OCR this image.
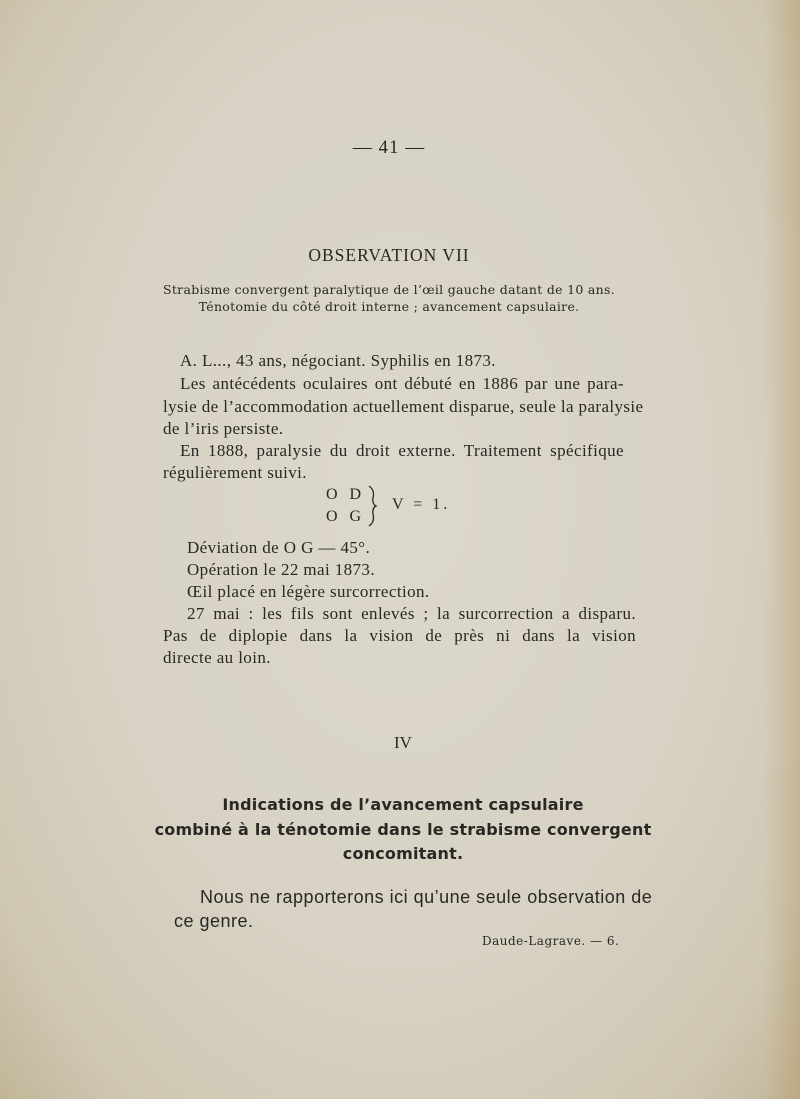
— 41 —
OBSERVATION VII
Strabisme convergent paralytique de l’œil gauche datant de 10 ans.
Ténotomie du côté droit interne ; avancement capsulaire.
A. L..., 43 ans, négociant. Syphilis en 1873.
Les antécédents oculaires ont débuté en 1886 par une para-
lysie de l’accommodation actuellement disparue, seule la paralysie
de l’iris persiste.
En 1888, paralysie du droit externe. Traitement spécifique
régulièrement suivi.
O D
O G
V = 1.
Déviation de O G — 45°.
Opération le 22 mai 1873.
Œil placé en légère surcorrection.
27 mai : les fils sont enlevés ; la surcorrection a disparu.
Pas de diplopie dans la vision de près ni dans la vision
directe au loin.
IV
Indications de l’avancement capsulaire
combiné à la ténotomie dans le strabisme convergent
concomitant.
Nous ne rapporterons ici qu’une seule observation de
ce genre.
Daude-Lagrave. — 6.
